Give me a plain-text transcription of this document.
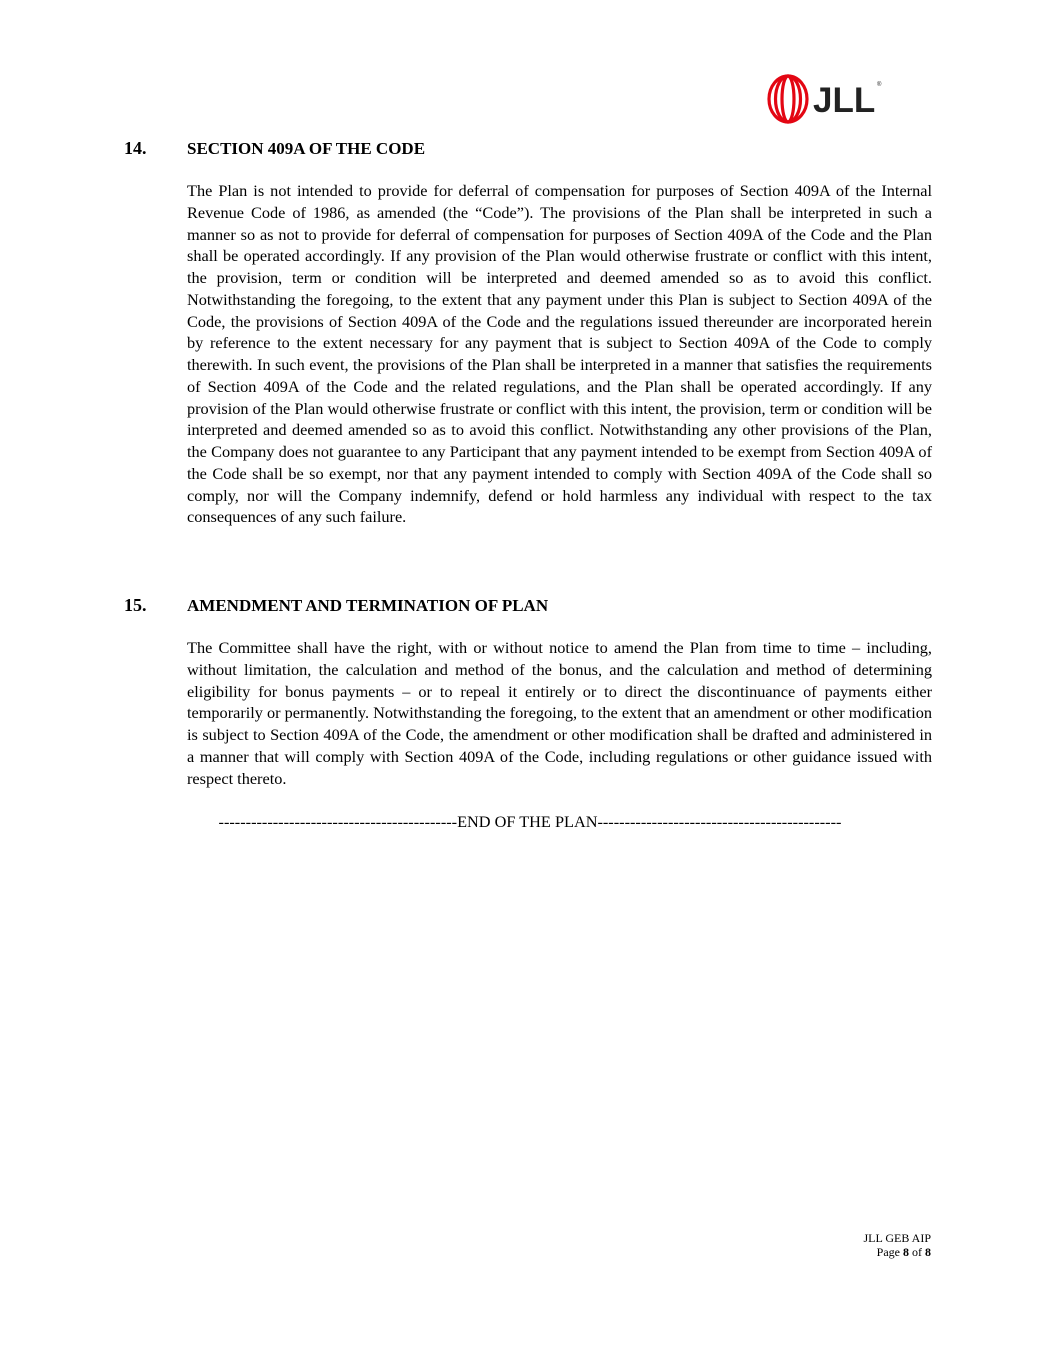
JLL ®
14. SECTION 409A OF THE CODE
The Plan is not intended to provide for deferral of compensation for purposes of Section 409A of the Internal Revenue Code of 1986, as amended (the “Code”). The provisions of the Plan shall be interpreted in such a manner so as not to provide for deferral of compensation for purposes of Section 409A of the Code and the Plan shall be operated accordingly. If any provision of the Plan would otherwise frustrate or conflict with this intent, the provision, term or condition will be interpreted and deemed amended so as to avoid this conflict. Notwithstanding the foregoing, to the extent that any payment under this Plan is subject to Section 409A of the Code, the provisions of Section 409A of the Code and the regulations issued thereunder are incorporated herein by reference to the extent necessary for any payment that is subject to Section 409A of the Code to comply therewith. In such event, the provisions of the Plan shall be interpreted in a manner that satisfies the requirements of Section 409A of the Code and the related regulations, and the Plan shall be operated accordingly. If any provision of the Plan would otherwise frustrate or conflict with this intent, the provision, term or condition will be interpreted and deemed amended so as to avoid this conflict. Notwithstanding any other provisions of the Plan, the Company does not guarantee to any Participant that any payment intended to be exempt from Section 409A of the Code shall be so exempt, nor that any payment intended to comply with Section 409A of the Code shall so comply, nor will the Company indemnify, defend or hold harmless any individual with respect to the tax consequences of any such failure.
15. AMENDMENT AND TERMINATION OF PLAN
The Committee shall have the right, with or without notice to amend the Plan from time to time – including, without limitation, the calculation and method of the bonus, and the calculation and method of determining eligibility for bonus payments – or to repeal it entirely or to direct the discontinuance of payments either temporarily or permanently. Notwithstanding the foregoing, to the extent that an amendment or other modification is subject to Section 409A of the Code, the amendment or other modification shall be drafted and administered in a manner that will comply with Section 409A of the Code, including regulations or other guidance issued with respect thereto.
--------------------------------------------END OF THE PLAN---------------------------------------------
JLL GEB AIP
Page 8 of 8
